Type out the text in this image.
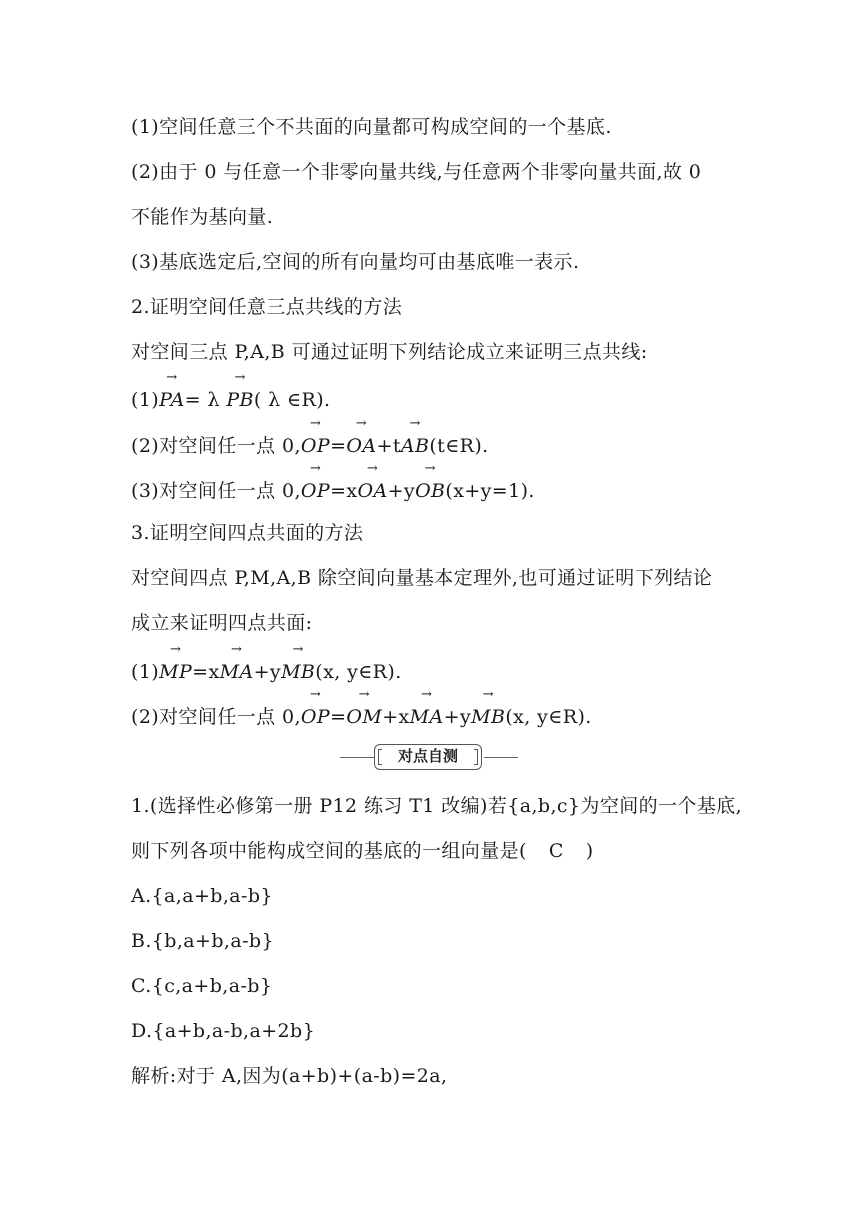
(1)空间任意三个不共面的向量都可构成空间的一个基底.
(2)由于 0 与任意一个非零向量共线,与任意两个非零向量共面,故 0
不能作为基向量.
(3)基底选定后,空间的所有向量均可由基底唯一表示.
2.证明空间任意三点共线的方法
对空间三点 P,A,B 可通过证明下列结论成立来证明三点共线:
(1)
→
PA= λ
→
PB( λ ∈R).
(2)对空间任一点 0,
→
OP=
→
OA+t
→
AB(t∈R).
(3)对空间任一点 0,
→
OP=x
→
OA+y
→
OB(x+y=1).
3.证明空间四点共面的方法
对空间四点 P,M,A,B 除空间向量基本定理外,也可通过证明下列结论
成立来证明四点共面:
(1)
→
MP=x
→
MA+y
→
MB(x, y∈R).
(2)对空间任一点 0,
→
OP=
→
OM+x
→
MA+y
→
MB(x, y∈R).
对点自测
1.(选择性必修第一册 P12 练习 T1 改编)若{a,b,c}为空间的一个基底,
则下列各项中能构成空间的基底的一组向量是( C )
A.{a,a+b,a-b}
B.{b,a+b,a-b}
C.{c,a+b,a-b}
D.{a+b,a-b,a+2b}
解析:对于 A,因为(a+b)+(a-b)=2a,
